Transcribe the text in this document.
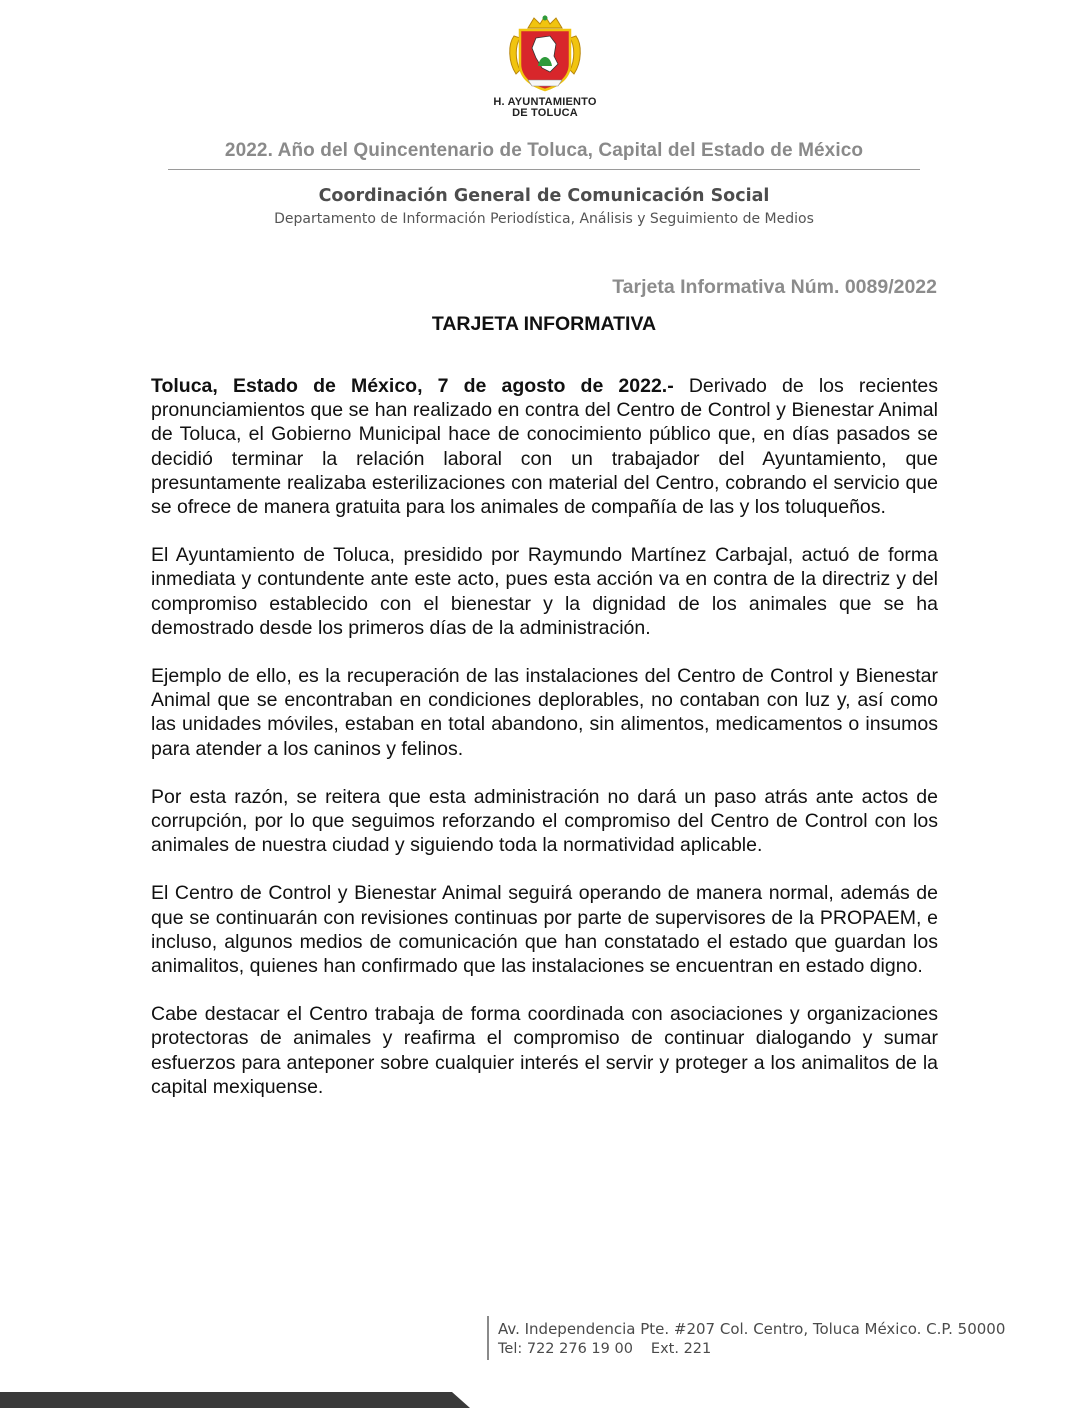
H. AYUNTAMIENTO
DE TOLUCA
2022. Año del Quincentenario de Toluca, Capital del Estado de México
Coordinación General de Comunicación Social
Departamento de Información Periodística, Análisis y Seguimiento de Medios
Tarjeta Informativa Núm. 0089/2022
TARJETA INFORMATIVA

Toluca, Estado de México, 7 de agosto de 2022.- Derivado de los recientes pronunciamientos que se han realizado en contra del Centro de Control y Bienestar Animal de Toluca, el Gobierno Municipal hace de conocimiento público que, en días pasados se decidió terminar la relación laboral con un trabajador del Ayuntamiento, que presuntamente realizaba esterilizaciones con material del Centro, cobrando el servicio que se ofrece de manera gratuita para los animales de compañía de las y los toluqueños.

El Ayuntamiento de Toluca, presidido por Raymundo Martínez Carbajal, actuó de forma inmediata y contundente ante este acto, pues esta acción va en contra de la directriz y del compromiso establecido con el bienestar y la dignidad de los animales que se ha demostrado desde los primeros días de la administración.

Ejemplo de ello, es la recuperación de las instalaciones del Centro de Control y Bienestar Animal que se encontraban en condiciones deplorables, no contaban con luz y, así como las unidades móviles, estaban en total abandono, sin alimentos, medicamentos o insumos para atender a los caninos y felinos.

Por esta razón, se reitera que esta administración no dará un paso atrás ante actos de corrupción, por lo que seguimos reforzando el compromiso del Centro de Control con los animales de nuestra ciudad y siguiendo toda la normatividad aplicable.

El Centro de Control y Bienestar Animal seguirá operando de manera normal, además de que se continuarán con revisiones continuas por parte de supervisores de la PROPAEM, e incluso, algunos medios de comunicación que han constatado el estado que guardan los animalitos, quienes han confirmado que las instalaciones se encuentran en estado digno.

Cabe destacar el Centro trabaja de forma coordinada con asociaciones y organizaciones protectoras de animales y reafirma el compromiso de continuar dialogando y sumar esfuerzos para anteponer sobre cualquier interés el servir y proteger a los animalitos de la capital mexiquense.

Av. Independencia Pte. #207 Col. Centro, Toluca México. C.P. 50000
Tel: 722 276 19 00 Ext. 221
